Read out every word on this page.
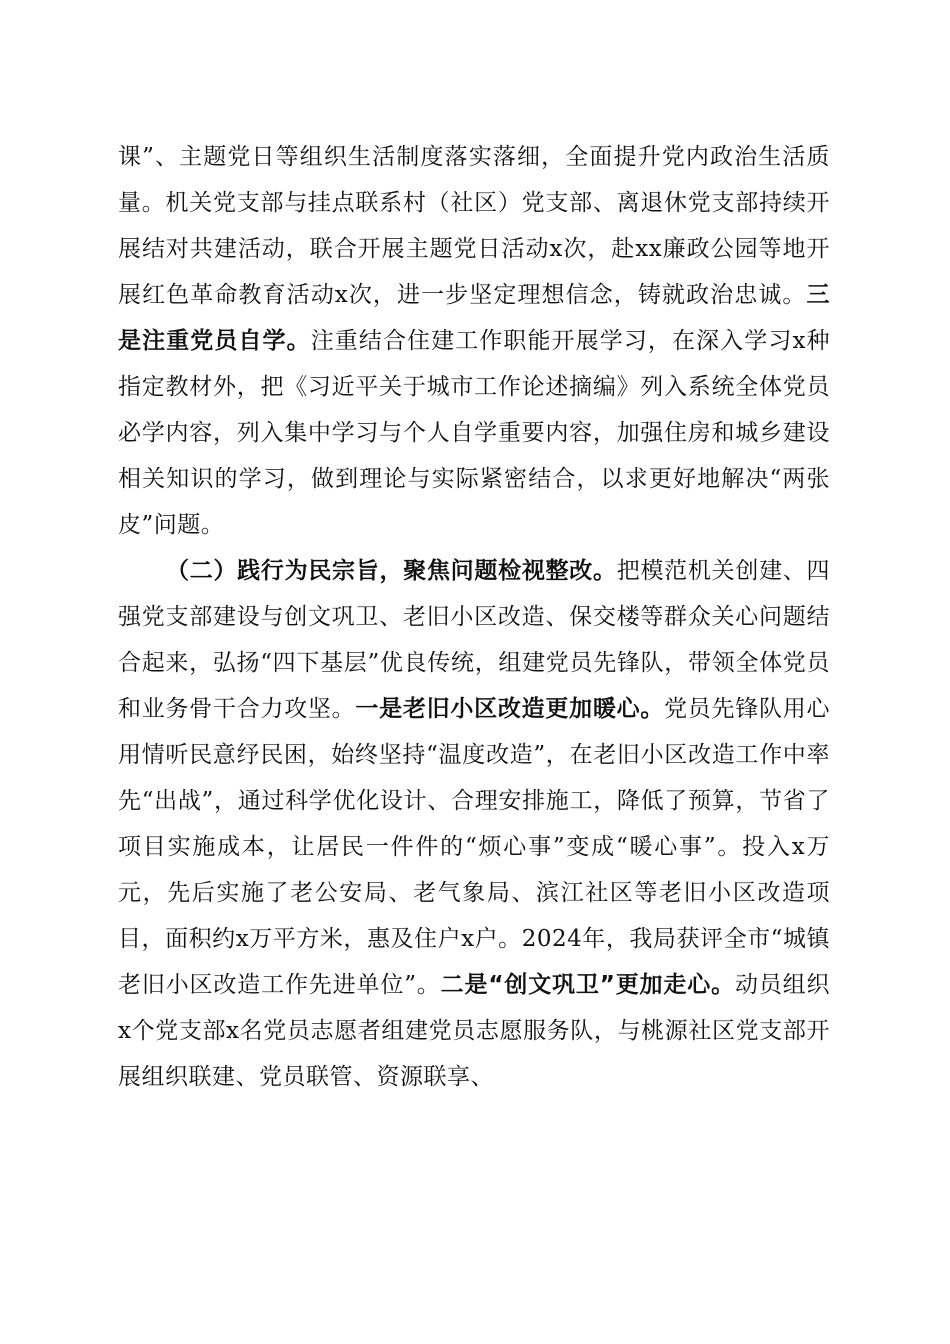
课”、主题党日等组织生活制度落实落细，全面提升党内政治生活质量。机关党支部与挂点联系村（社区）党支部、离退休党支部持续开展结对共建活动，联合开展主题党日活动x次，赴xx廉政公园等地开展红色革命教育活动x次，进一步坚定理想信念，铸就政治忠诚。三是注重党员自学。注重结合住建工作职能开展学习，在深入学习x种指定教材外，把《习近平关于城市工作论述摘编》列入系统全体党员必学内容，列入集中学习与个人自学重要内容，加强住房和城乡建设相关知识的学习，做到理论与实际紧密结合，以求更好地解决“两张皮”问题。

（二）践行为民宗旨，聚焦问题检视整改。把模范机关创建、四强党支部建设与创文巩卫、老旧小区改造、保交楼等群众关心问题结合起来，弘扬“四下基层”优良传统，组建党员先锋队，带领全体党员和业务骨干合力攻坚。一是老旧小区改造更加暖心。党员先锋队用心用情听民意纾民困，始终坚持“温度改造”，在老旧小区改造工作中率先“出战”，通过科学优化设计、合理安排施工，降低了预算，节省了项目实施成本，让居民一件件的“烦心事”变成“暖心事”。投入x万元，先后实施了老公安局、老气象局、滨江社区等老旧小区改造项目，面积约x万平方米，惠及住户x户。2024年，我局获评全市“城镇老旧小区改造工作先进单位”。二是“创文巩卫”更加走心。动员组织x个党支部x名党员志愿者组建党员志愿服务队，与桃源社区党支部开展组织联建、党员联管、资源联享、
